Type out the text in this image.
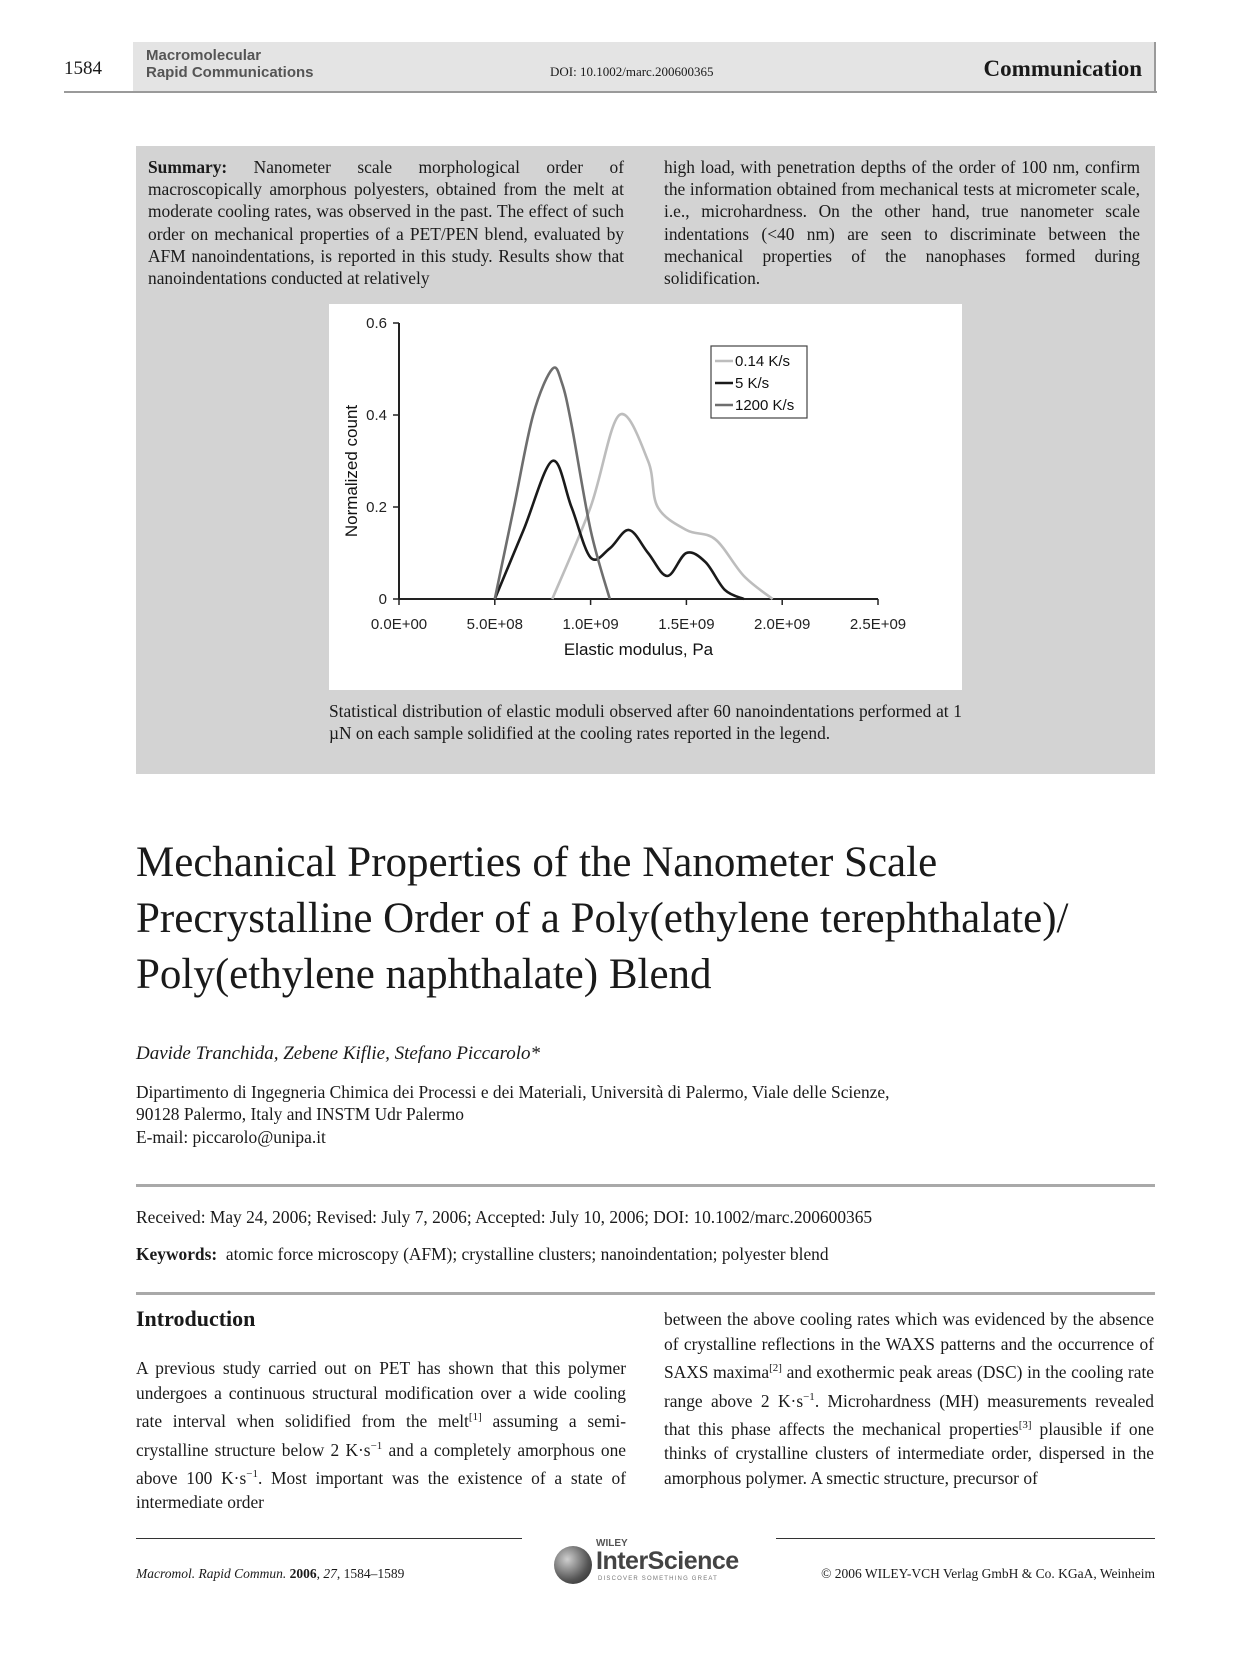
1584
Macromolecular
Rapid Communications	DOI: 10.1002/marc.200600365	Communication
Summary: Nanometer scale morphological order of macroscopically amorphous polyesters, obtained from the melt at moderate cooling rates, was observed in the past. The effect of such order on mechanical properties of a PET/PEN blend, evaluated by AFM nanoindentations, is reported in this study. Results show that nanoindentations conducted at relatively
high load, with penetration depths of the order of 100 nm, confirm the information obtained from mechanical tests at micrometer scale, i.e., microhardness. On the other hand, true nanometer scale indentations (<40 nm) are seen to discriminate between the mechanical properties of the nanophases formed during solidification.
0.0E+00	5.0E+08	1.0E+09	1.5E+09	2.0E+09	2.5E+09
0
0.2
0.4
0.6
Elastic modulus, Pa
Normalized count
0.14 K/s
5 K/s
1200 K/s
Statistical distribution of elastic moduli observed after 60 nanoindentations performed at 1 µN on each sample solidified at the cooling rates reported in the legend.
Mechanical Properties of the Nanometer Scale
Precrystalline Order of a Poly(ethylene terephthalate)/
Poly(ethylene naphthalate) Blend
Davide Tranchida, Zebene Kiflie, Stefano Piccarolo*
Dipartimento di Ingegneria Chimica dei Processi e dei Materiali, Università di Palermo, Viale delle Scienze,
90128 Palermo, Italy and INSTM Udr Palermo
E-mail: piccarolo@unipa.it
Received: May 24, 2006; Revised: July 7, 2006; Accepted: July 10, 2006; DOI: 10.1002/marc.200600365
Keywords: atomic force microscopy (AFM); crystalline clusters; nanoindentation; polyester blend
Introduction
A previous study carried out on PET has shown that this polymer undergoes a continuous structural modification over a wide cooling rate interval when solidified from the melt[1] assuming a semi-crystalline structure below 2 $K\cdot s^{-1}$ and a completely amorphous one above 100 $K\cdot s^{-1}$. Most important was the existence of a state of intermediate order
between the above cooling rates which was evidenced by the absence of crystalline reflections in the WAXS patterns and the occurrence of SAXS maxima[2] and exothermic peak areas (DSC) in the cooling rate range above 2 $K\cdot s^{-1}$. Microhardness (MH) measurements revealed that this phase affects the mechanical properties[3] plausible if one thinks of crystalline clusters of intermediate order, dispersed in the amorphous polymer. A smectic structure, precursor of
Macromol. Rapid Commun. 2006, 27, 1584–1589
WILEY
InterScience
DISCOVER SOMETHING GREAT	© 2006 WILEY-VCH Verlag GmbH & Co. KGaA, Weinheim
